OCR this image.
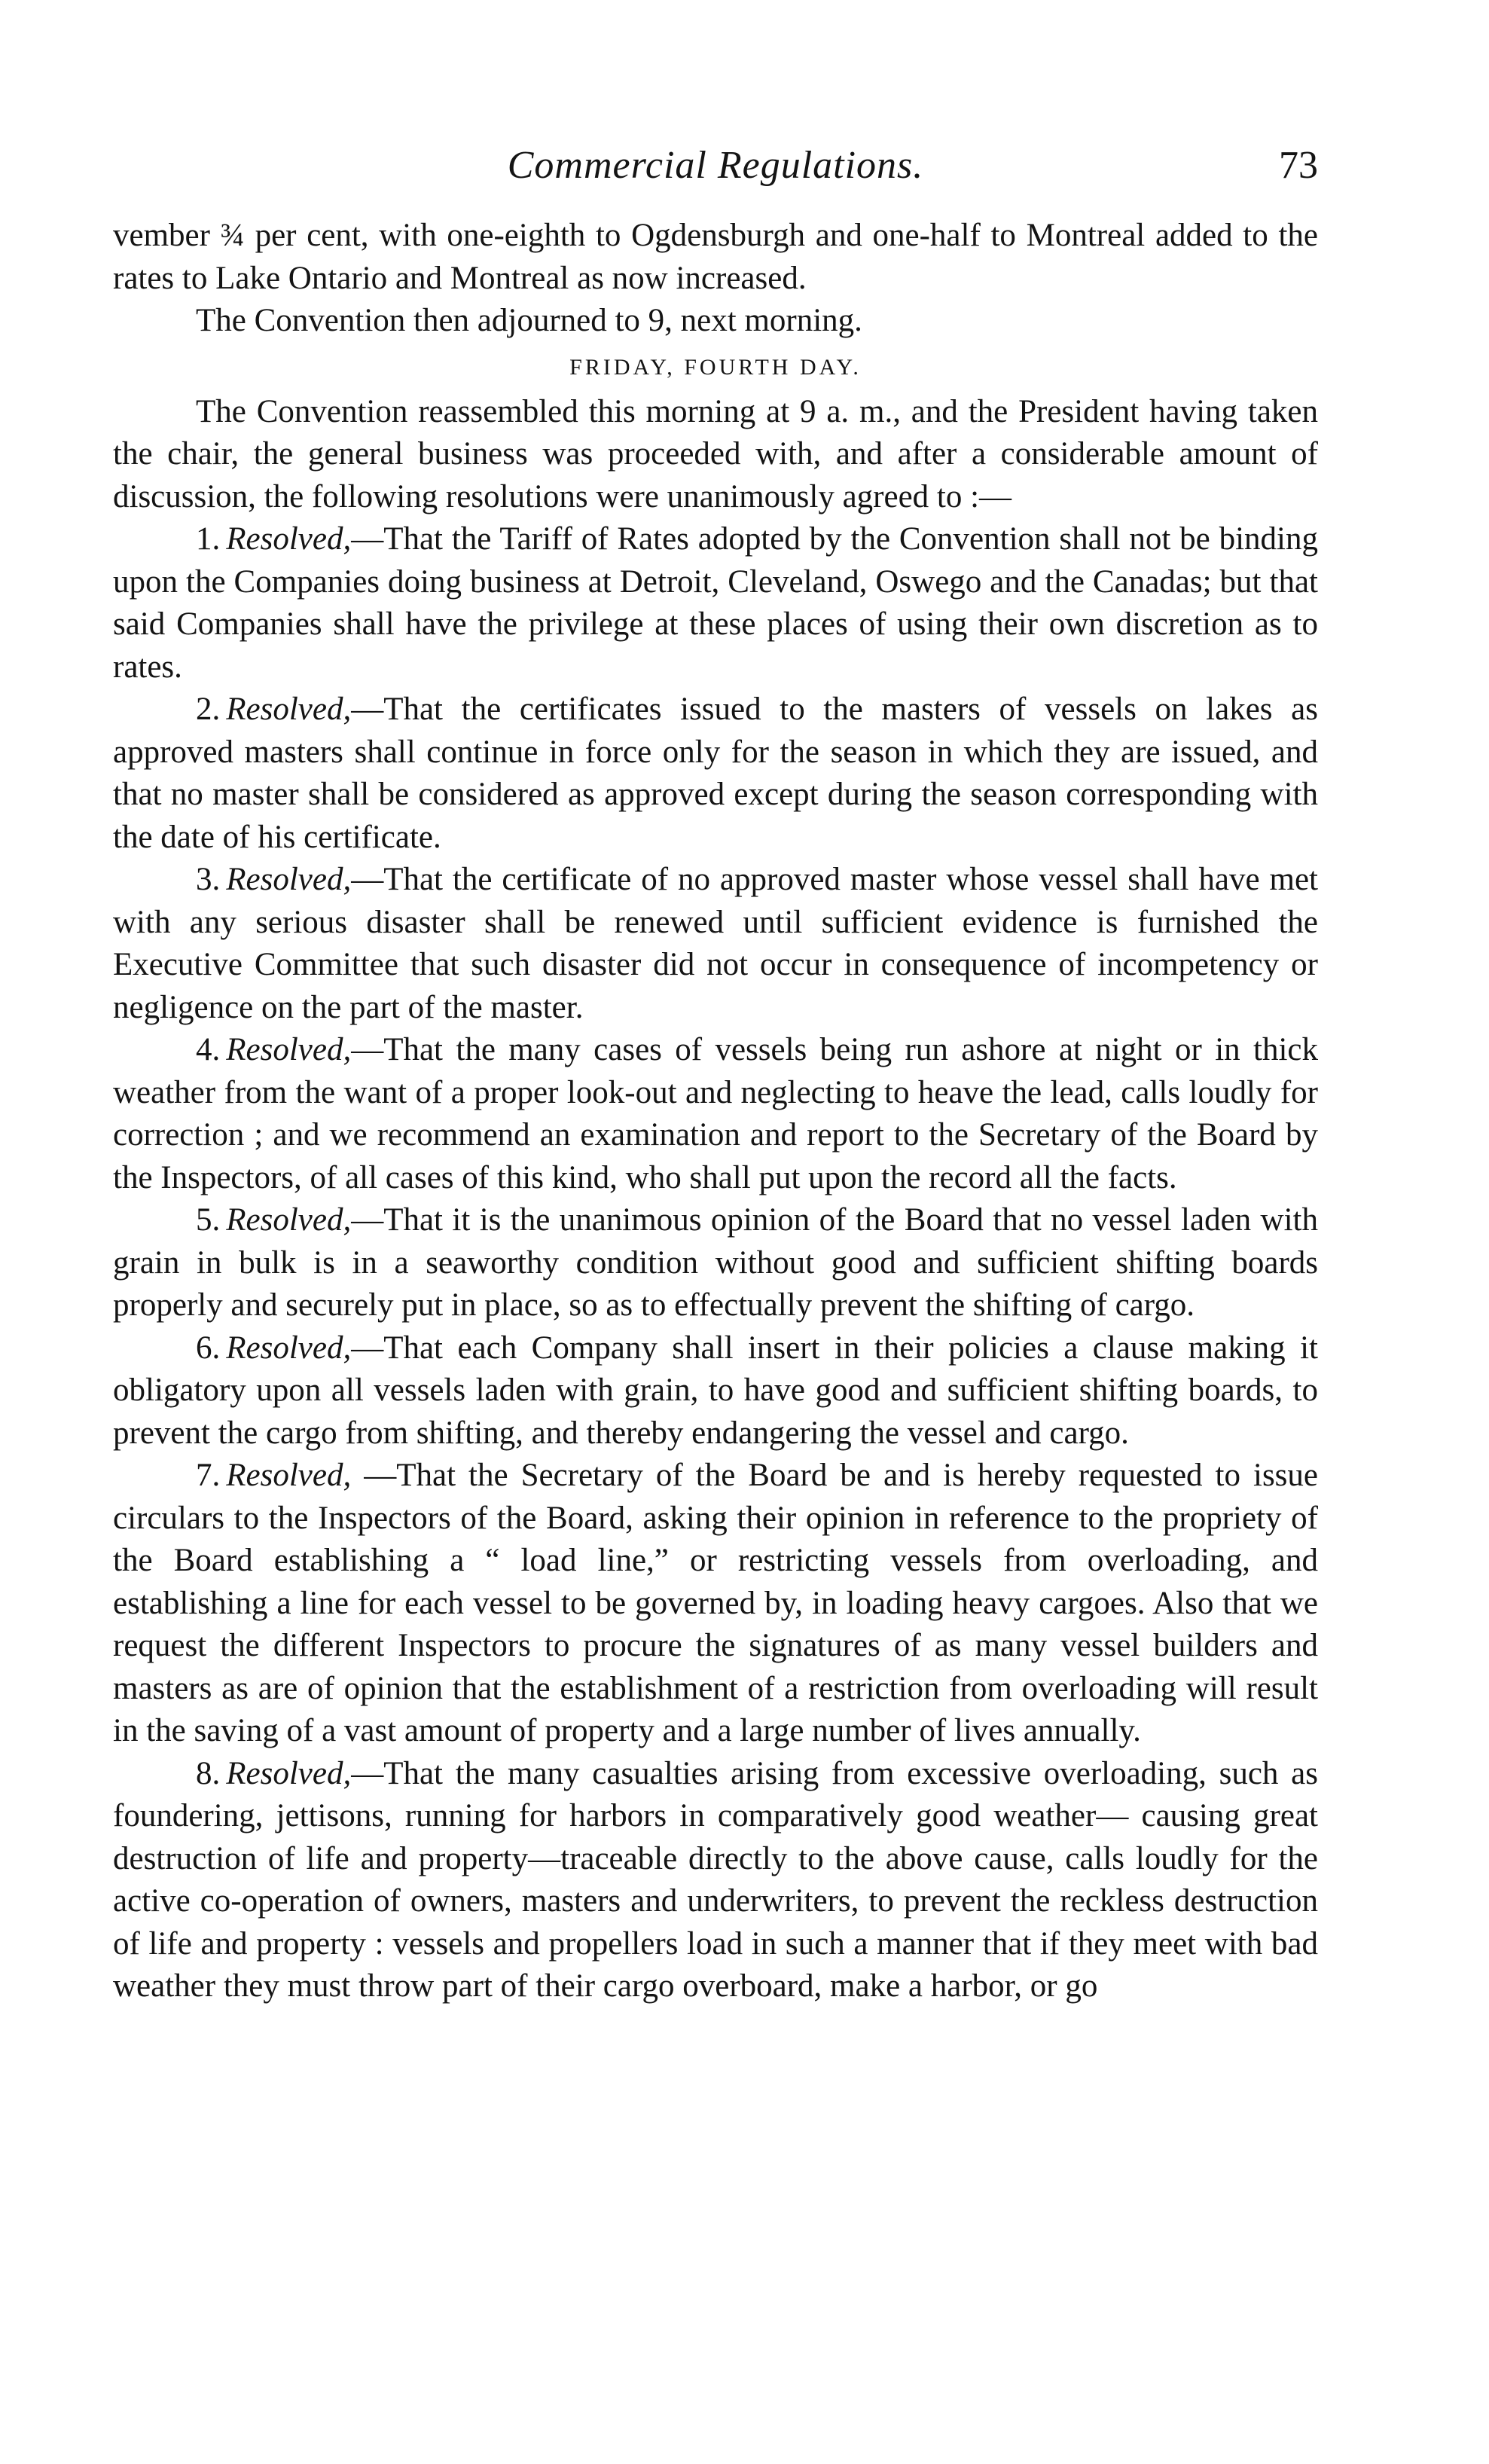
Commercial Regulations.	73

vember ¾ per cent, with one-eighth to Ogdensburgh and one-half to Montreal added to the rates to Lake Ontario and Montreal as now increased.

The Convention then adjourned to 9, next morning.

FRIDAY, FOURTH DAY.

The Convention reassembled this morning at 9 a. m., and the President having taken the chair, the general business was proceeded with, and after a considerable amount of discussion, the following resolutions were unanimously agreed to :—

1. Resolved,—That the Tariff of Rates adopted by the Convention shall not be binding upon the Companies doing business at Detroit, Cleveland, Oswego and the Canadas; but that said Companies shall have the privilege at these places of using their own discretion as to rates.

2. Resolved,—That the certificates issued to the masters of vessels on lakes as approved masters shall continue in force only for the season in which they are issued, and that no master shall be considered as approved except during the season corresponding with the date of his certificate.

3. Resolved,—That the certificate of no approved master whose vessel shall have met with any serious disaster shall be renewed until sufficient evidence is furnished the Executive Committee that such disaster did not occur in consequence of incompetency or negligence on the part of the master.

4. Resolved,—That the many cases of vessels being run ashore at night or in thick weather from the want of a proper look-out and neglecting to heave the lead, calls loudly for correction ; and we recommend an examination and report to the Secretary of the Board by the Inspectors, of all cases of this kind, who shall put upon the record all the facts.

5. Resolved,—That it is the unanimous opinion of the Board that no vessel laden with grain in bulk is in a seaworthy condition without good and sufficient shifting boards properly and securely put in place, so as to effectually prevent the shifting of cargo.

6. Resolved,—That each Company shall insert in their policies a clause making it obligatory upon all vessels laden with grain, to have good and sufficient shifting boards, to prevent the cargo from shifting, and thereby endangering the vessel and cargo.

7. Resolved, —That the Secretary of the Board be and is hereby requested to issue circulars to the Inspectors of the Board, asking their opinion in reference to the propriety of the Board establishing a “ load line,” or restricting vessels from overloading, and establishing a line for each vessel to be governed by, in loading heavy cargoes. Also that we request the different Inspectors to procure the signatures of as many vessel builders and masters as are of opinion that the establishment of a restriction from overloading will result in the saving of a vast amount of property and a large number of lives annually.

8. Resolved,—That the many casualties arising from excessive overloading, such as foundering, jettisons, running for harbors in comparatively good weather— causing great destruction of life and property—traceable directly to the above cause, calls loudly for the active co-operation of owners, masters and underwriters, to prevent the reckless destruction of life and property : vessels and propellers load in such a manner that if they meet with bad weather they must throw part of their cargo overboard, make a harbor, or go
